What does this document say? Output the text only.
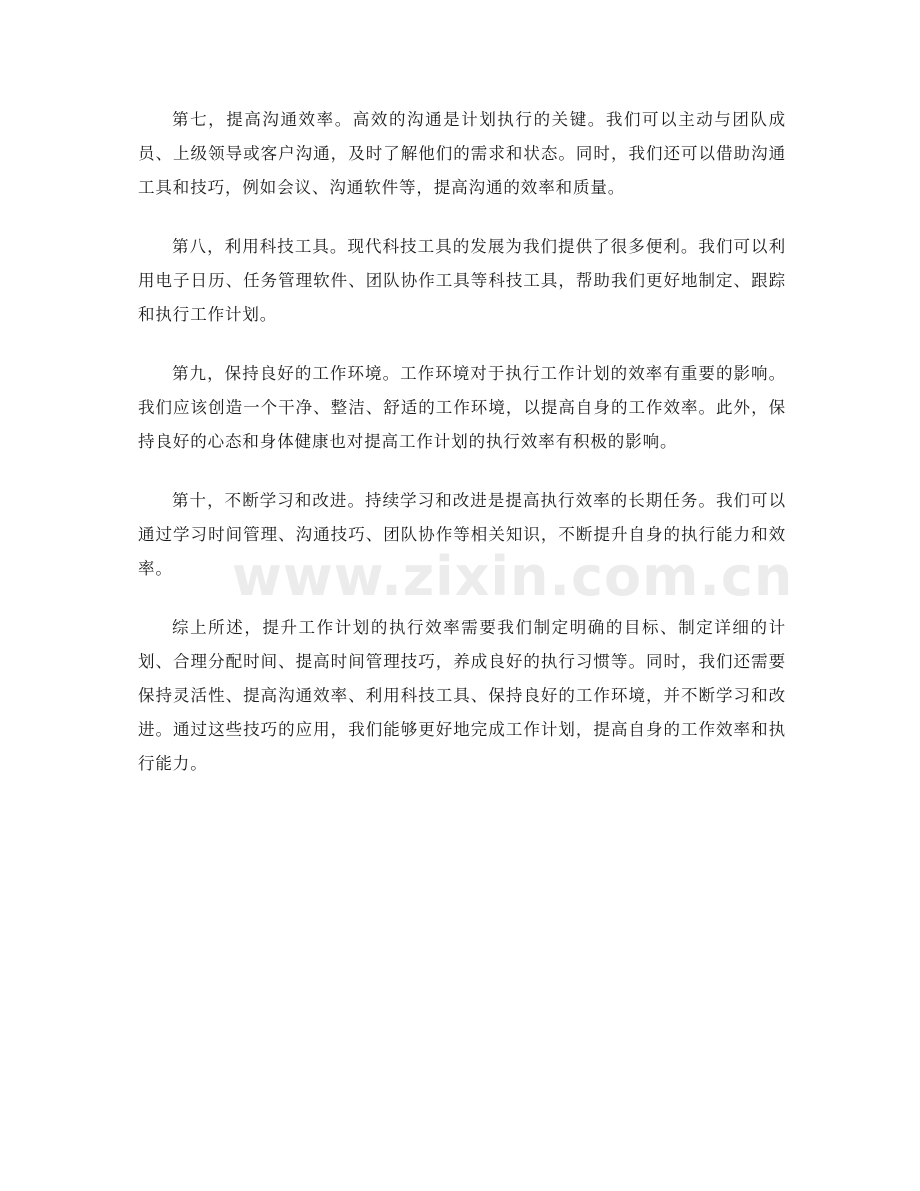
第七，提高沟通效率。高效的沟通是计划执行的关键。我们可以主动与团队成员、上级领导或客户沟通，及时了解他们的需求和状态。同时，我们还可以借助沟通工具和技巧，例如会议、沟通软件等，提高沟通的效率和质量。

第八，利用科技工具。现代科技工具的发展为我们提供了很多便利。我们可以利用电子日历、任务管理软件、团队协作工具等科技工具，帮助我们更好地制定、跟踪和执行工作计划。

第九，保持良好的工作环境。工作环境对于执行工作计划的效率有重要的影响。我们应该创造一个干净、整洁、舒适的工作环境，以提高自身的工作效率。此外，保持良好的心态和身体健康也对提高工作计划的执行效率有积极的影响。

第十，不断学习和改进。持续学习和改进是提高执行效率的长期任务。我们可以通过学习时间管理、沟通技巧、团队协作等相关知识，不断提升自身的执行能力和效率。

综上所述，提升工作计划的执行效率需要我们制定明确的目标、制定详细的计划、合理分配时间、提高时间管理技巧，养成良好的执行习惯等。同时，我们还需要保持灵活性、提高沟通效率、利用科技工具、保持良好的工作环境，并不断学习和改进。通过这些技巧的应用，我们能够更好地完成工作计划，提高自身的工作效率和执行能力。

www.zixin.com.cn
